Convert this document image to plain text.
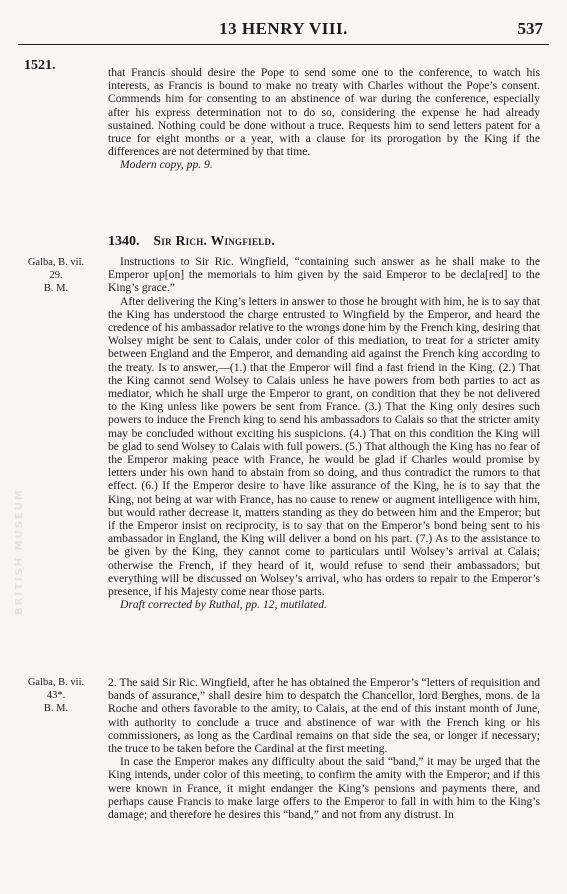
13 HENRY VIII.	537
1521.	that Francis should desire the Pope to send some one to the conference, to watch his interests, as Francis is bound to make no treaty with Charles without the Pope’s consent. Commends him for consenting to an abstinence of war during the conference, especially after his express determination not to do so, considering the expense he had already sustained. Nothing could be done without a truce. Requests him to send letters patent for a truce for eight months or a year, with a clause for its prorogation by the King if the differences are not determined by that time.

Modern copy, pp. 9.

1340. Sir Rich. Wingfield.
Galba, B. vii.
29.
B. M.

Instructions to Sir Ric. Wingfield, “containing such answer as he shall make to the Emperor up[on] the memorials to him given by the said Emperor to be decla[red] to the King’s grace.”

After delivering the King’s letters in answer to those he brought with him, he is to say that the King has understood the charge entrusted to Wingfield by the Emperor, and heard the credence of his ambassador relative to the wrongs done him by the French king, desiring that Wolsey might be sent to Calais, under color of this mediation, to treat for a stricter amity between England and the Emperor, and demanding aid against the French king according to the treaty. Is to answer,—(1.) that the Emperor will find a fast friend in the King. (2.) That the King cannot send Wolsey to Calais unless he have powers from both parties to act as mediator, which he shall urge the Emperor to grant, on condition that they be not delivered to the King unless like powers be sent from France. (3.) That the King only desires such powers to induce the French king to send his ambassadors to Calais so that the stricter amity may be concluded without exciting his suspicions. (4.) That on this condition the King will be glad to send Wolsey to Calais with full powers. (5.) That although the King has no fear of the Emperor making peace with France, he would be glad if Charles would promise by letters under his own hand to abstain from so doing, and thus contradict the rumors to that effect. (6.) If the Emperor desire to have like assurance of the King, he is to say that the King, not being at war with France, has no cause to renew or augment intelligence with him, but would rather decrease it, matters standing as they do between him and the Emperor; but if the Emperor insist on reciprocity, is to say that on the Emperor’s bond being sent to his ambassador in England, the King will deliver a bond on his part. (7.) As to the assistance to be given by the King, they cannot come to particulars until Wolsey’s arrival at Calais; otherwise the French, if they heard of it, would refuse to send their ambassadors; but everything will be discussed on Wolsey’s arrival, who has orders to repair to the Emperor’s presence, if his Majesty come near those parts.

Draft corrected by Ruthal, pp. 12, mutilated.

BRITISH MUSEUM
Galba, B. vii.
43*.
B. M.

2. The said Sir Ric. Wingfield, after he has obtained the Emperor’s “letters of requisition and bands of assurance,” shall desire him to despatch the Chancellor, lord Berghes, mons. de la Roche and others favorable to the amity, to Calais, at the end of this instant month of June, with authority to conclude a truce and abstinence of war with the French king or his commissioners, as long as the Cardinal remains on that side the sea, or longer if necessary; the truce to be taken before the Cardinal at the first meeting.

In case the Emperor makes any difficulty about the said “band,” it may be urged that the King intends, under color of this meeting, to confirm the amity with the Emperor; and if this were known in France, it might endanger the King’s pensions and payments there, and perhaps cause Francis to make large offers to the Emperor to fall in with him to the King’s damage; and therefore he desires this “band,” and not from any distrust. In
